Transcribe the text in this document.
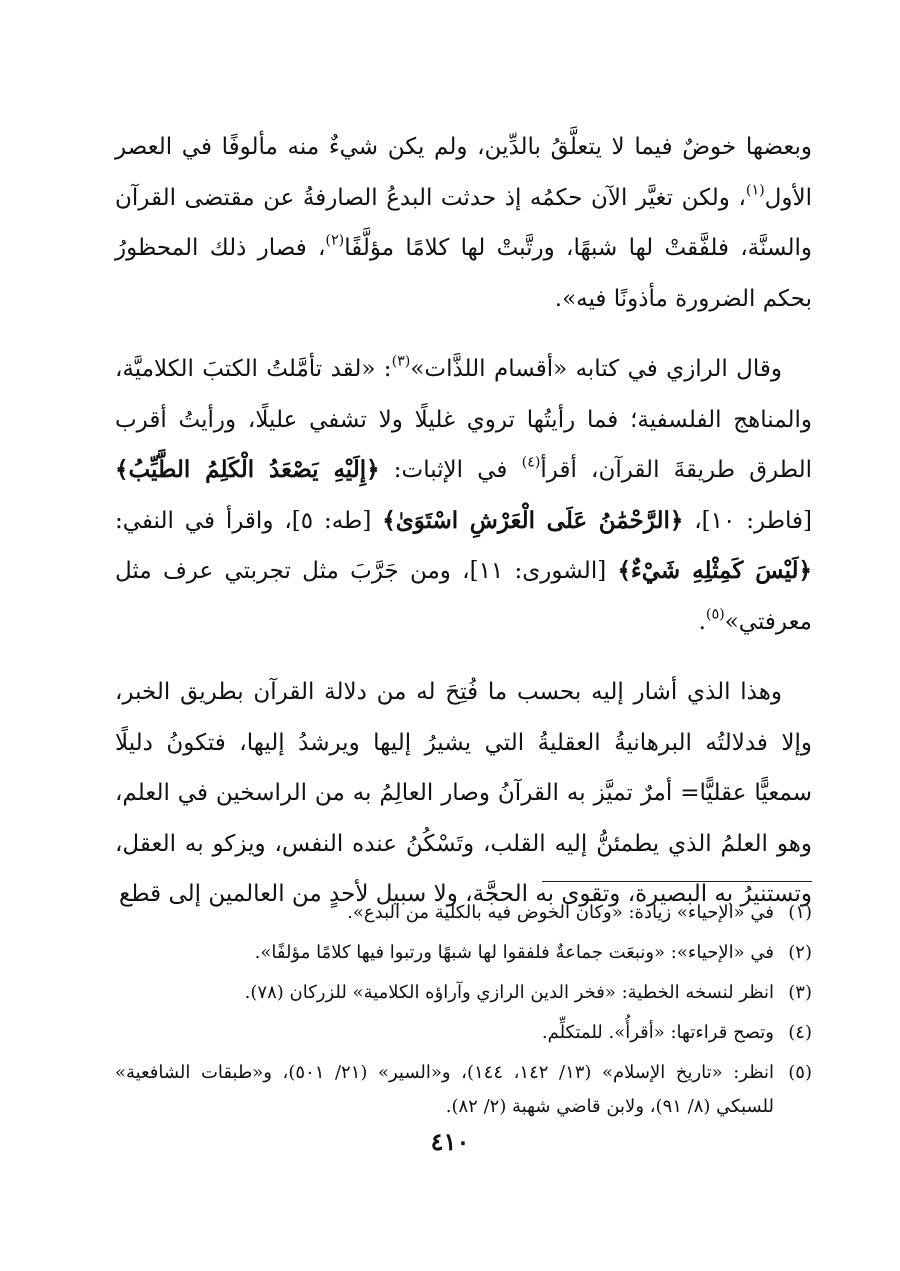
وبعضها خوضٌ فيما لا يتعلَّقُ بالدِّين، ولم يكن شيءٌ منه مألوفًا في العصر الأول$^{(١)}$، ولكن تغيَّر الآن حكمُه إذ حدثت البدعُ الصارفةُ عن مقتضى القرآن والسنَّة، فلفَّقتْ لها شبهًا، ورتَّبتْ لها كلامًا مؤلَّفًا$^{(٢)}$، فصار ذلك المحظورُ بحكم الضرورة مأذونًا فيه».

وقال الرازي في كتابه «أقسام اللذَّات»$^{(٣)}$: «لقد تأمَّلتُ الكتبَ الكلاميَّة، والمناهج الفلسفية؛ فما رأيتُها تروي غليلًا ولا تشفي عليلًا، ورأيتُ أقرب الطرق طريقةَ القرآن، أقرأ$^{(٤)}$ في الإثبات: ﴿إِلَيْهِ يَصْعَدُ الْكَلِمُ الطَّيِّبُ﴾ [فاطر: ١٠]، ﴿الرَّحْمَٰنُ عَلَى الْعَرْشِ اسْتَوَىٰ﴾ [طه: ٥]، واقرأ في النفي: ﴿لَيْسَ كَمِثْلِهِ شَيْءٌ﴾ [الشورى: ١١]، ومن جَرَّبَ مثل تجربتي عرف مثل معرفتي»$^{(٥)}$.

وهذا الذي أشار إليه بحسب ما فُتِحَ له من دلالة القرآن بطريق الخبر، وإلا فدلالتُه البرهانيةُ العقليةُ التي يشيرُ إليها ويرشدُ إليها، فتكونُ دليلًا سمعيًّا عقليًّا= أمرٌ تميَّز به القرآنُ وصار العالِمُ به من الراسخين في العلم، وهو العلمُ الذي يطمئنُّ إليه القلب، وتَسْكُنُ عنده النفس، ويزكو به العقل، وتستنيرُ به البصيرة، وتقوى به الحجَّة، ولا سبيل لأحدٍ من العالمين إلى قطع

(١)
في «الإحياء» زيادة: «وكان الخوض فيه بالكلية من البدع».

(٢)
في «الإحياء»: «ونبعَت جماعةٌ فلفقوا لها شبهًا ورتبوا فيها كلامًا مؤلفًا».

(٣)
انظر لنسخه الخطية: «فخر الدين الرازي وآراؤه الكلامية» للزركان (٧٨).

(٤)
وتصح قراءتها: «أقرأُ». للمتكلِّم.

(٥)
انظر: «تاريخ الإسلام» (١٣/ ١٤٢، ١٤٤)، و«السير» (٢١/ ٥٠١)، و«طبقات الشافعية» للسبكي (٨/ ٩١)، ولابن قاضي شهبة (٢/ ٨٢).

٤١٠
